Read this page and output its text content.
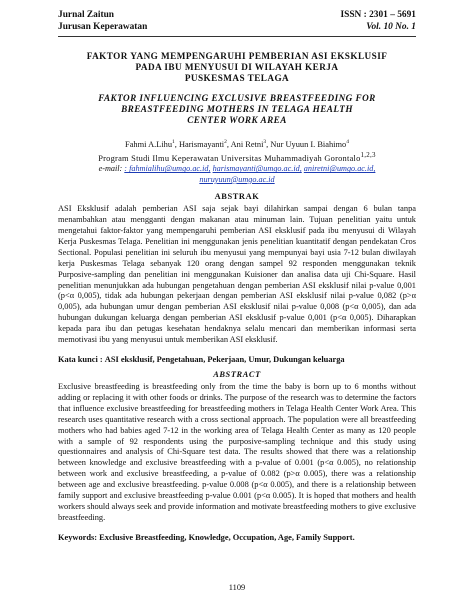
Jurnal Zaitun
Jurusan Keperawatan
ISSN : 2301 – 5691
Vol. 10 No. 1
FAKTOR YANG MEMPENGARUHI PEMBERIAN ASI EKSKLUSIF
PADA IBU MENYUSUI DI WILAYAH KERJA
PUSKESMAS TELAGA
FAKTOR INFLUENCING EXCLUSIVE BREASTFEEDING FOR
BREASTFEEDING MOTHERS IN TELAGA HEALTH
CENTER WORK AREA
Fahmi A.Lihu$^1$, Harismayanti$^2$, Ani Retni$^3$, Nur Uyuun I. Biahimo$^4$
Program Studi Ilmu Keperawatan Universitas Muhammadiyah Gorontalo$^{1,2,3}$
e-mail: : fahmialihu@umgo.ac.id, harismayanti@umgo.ac.id, aniretni@umgo.ac.id,
nuruyuun@umgo.ac.id
ABSTRAK
ASI Eksklusif adalah pemberian ASI saja sejak bayi dilahirkan sampai dengan 6 bulan tanpa menambahkan atau mengganti dengan makanan atau minuman lain. Tujuan penelitian yaitu untuk mengetahui faktor-faktor yang mempengaruhi pemberian ASI eksklusif pada ibu menyusui di Wilayah Kerja Puskesmas Telaga. Penelitian ini menggunakan jenis penelitian kuantitatif dengan pendekatan Cros Sectional. Populasi penelitian ini seluruh ibu menyusui yang mempunyai bayi usia 7-12 bulan diwilayah kerja Puskesmas Telaga sebanyak 120 orang dengan sampel 92 responden menggunakan teknik Purposive-sampling dan penelitian ini menggunakan Kuisioner dan analisa data uji Chi-Square. Hasil penelitian menunjukkan ada hubungan pengetahuan dengan pemberian ASI eksklusif nilai p-value 0,001 (p<α 0,005), tidak ada hubungan pekerjaan dengan pemberian ASI eksklusif nilai p-value 0,082 (p>α 0,005), ada hubungan umur dengan pemberian ASI eksklusif nilai p-value 0,008 (p<α 0,005), dan ada hubungan dukungan keluarga dengan pemberian ASI eksklusif p-value 0,001 (p<α 0,005). Diharapkan kepada para ibu dan petugas kesehatan hendaknya selalu mencari dan memberikan informasi serta memotivasi ibu yang menyusui untuk memberikan ASI eksklusif.
Kata kunci : ASI eksklusif, Pengetahuan, Pekerjaan, Umur, Dukungan keluarga
ABSTRACT
Exclusive breastfeeding is breastfeeding only from the time the baby is born up to 6 months without adding or replacing it with other foods or drinks. The purpose of the research was to determine the factors that influence exclusive breastfeeding for breastfeeding mothers in Telaga Health Center Work Area. This research uses quantitative research with a cross sectional approach. The population were all breastfeeding mothers who had babies aged 7-12 in the working area of Telaga Health Center as many as 120 people with a sample of 92 respondents using the purposive-sampling technique and this study using questionnaires and analysis of Chi-Square test data. The results showed that there was a relationship between knowledge and exclusive breastfeeding with a p-value of 0.001 (p<α 0.005), no relationship between work and exclusive breastfeeding, a p-value of 0.082 (p>α 0.005), there was a relationship between age and exclusive breastfeeding. p-value 0.008 (p<α 0.005), and there is a relationship between family support and exclusive breastfeeding p-value 0.001 (p<α 0.005). It is hoped that mothers and health workers should always seek and provide information and motivate breastfeeding mothers to give exclusive breastfeeding.
Keywords: Exclusive Breastfeeding, Knowledge, Occupation, Age, Family Support.
1109
